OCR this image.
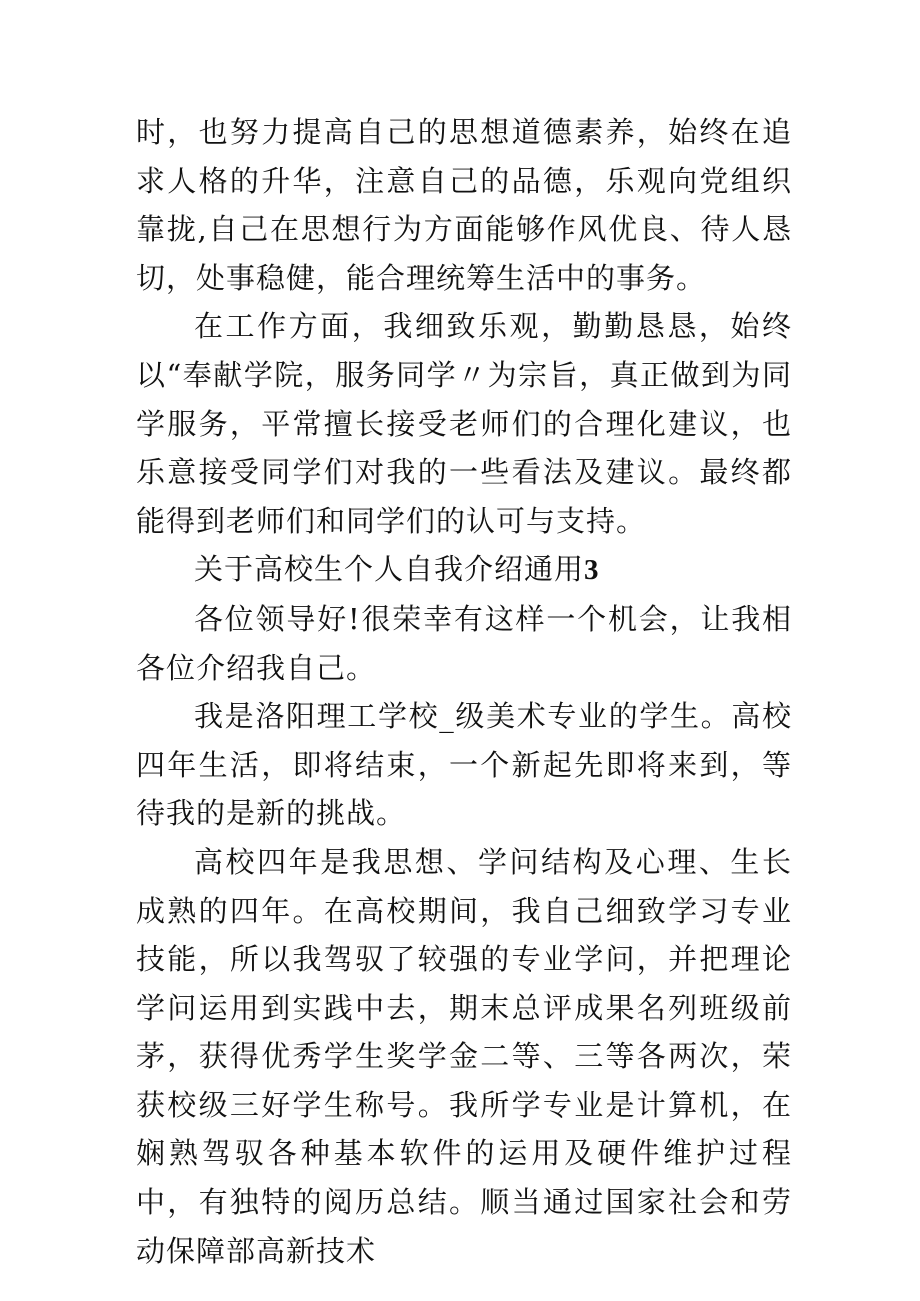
时，也努力提高自己的思想道德素养，始终在追求人格的升华，注意自己的品德，乐观向党组织靠拢,自己在思想行为方面能够作风优良、待人恳切，处事稳健，能合理统筹生活中的事务。

在工作方面，我细致乐观，勤勤恳恳，始终以“奉献学院，服务同学〃为宗旨，真正做到为同学服务，平常擅长接受老师们的合理化建议，也乐意接受同学们对我的一些看法及建议。最终都能得到老师们和同学们的认可与支持。

关于高校生个人自我介绍通用3

各位领导好!很荣幸有这样一个机会，让我相各位介绍我自己。

我是洛阳理工学校_级美术专业的学生。高校四年生活，即将结束，一个新起先即将来到，等待我的是新的挑战。

高校四年是我思想、学问结构及心理、生长成熟的四年。在高校期间，我自己细致学习专业技能，所以我驾驭了较强的专业学问，并把理论学问运用到实践中去，期末总评成果名列班级前茅，获得优秀学生奖学金二等、三等各两次，荣获校级三好学生称号。我所学专业是计算机，在娴熟驾驭各种基本软件的运用及硬件维护过程中，有独特的阅历总结。顺当通过国家社会和劳动保障部高新技术
